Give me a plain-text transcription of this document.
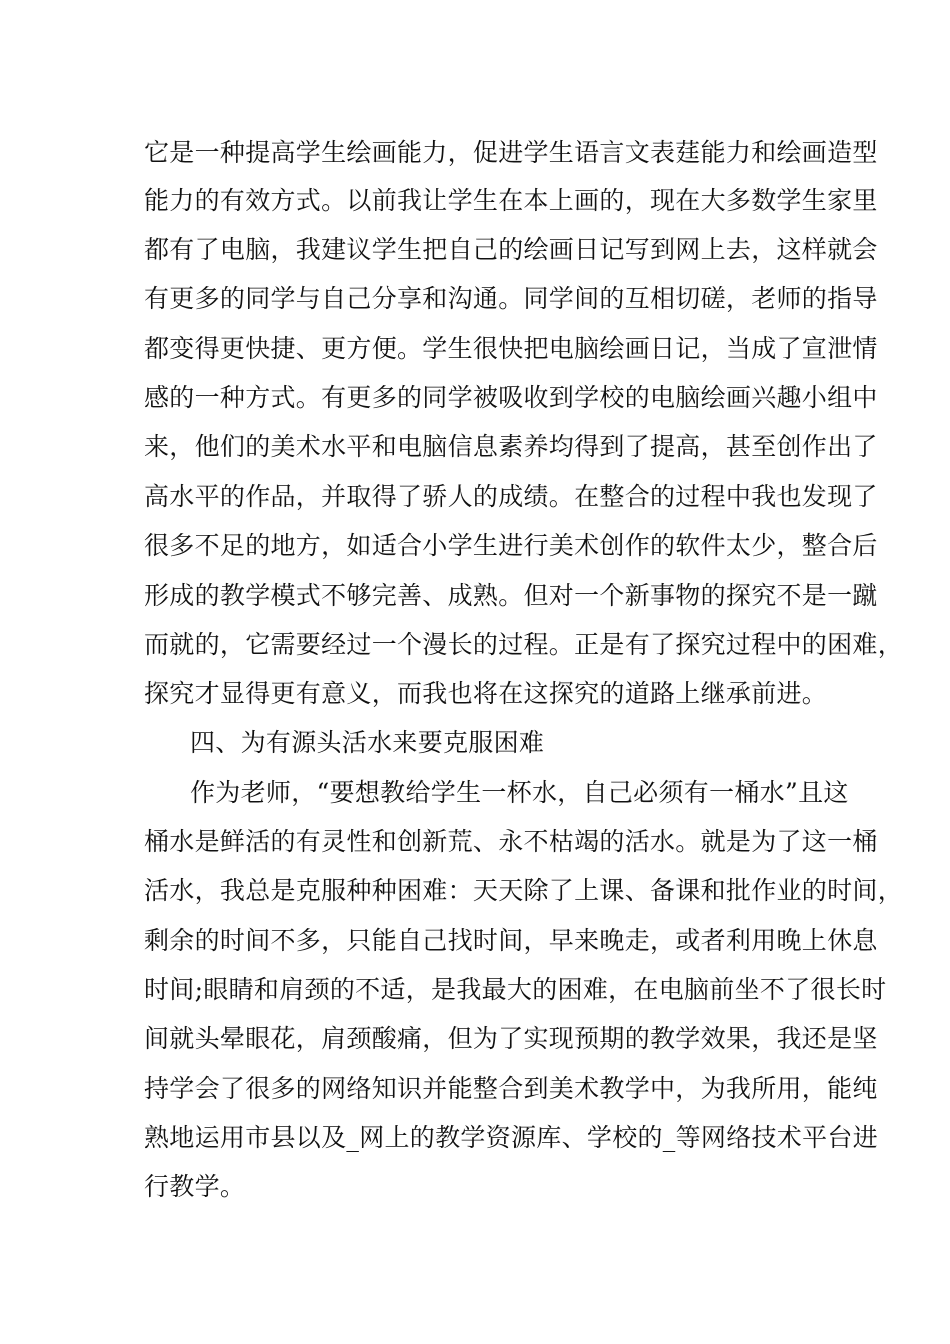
它是一种提高学生绘画能力，促进学生语言文表莛能力和绘画造型
能力的有效方式。以前我让学生在本上画的，现在大多数学生家里
都有了电脑，我建议学生把自己的绘画日记写到网上去，这样就会
有更多的同学与自己分享和沟通。同学间的互相切磋，老师的指导
都变得更快捷、更方便。学生很快把电脑绘画日记，当成了宣泄情
感的一种方式。有更多的同学被吸收到学校的电脑绘画兴趣小组中
来，他们的美术水平和电脑信息素养均得到了提高，甚至创作出了
高水平的作品，并取得了骄人的成绩。在整合的过程中我也发现了
很多不足的地方，如适合小学生进行美术创作的软件太少，整合后
形成的教学模式不够完善、成熟。但对一个新事物的探究不是一蹴
而就的，它需要经过一个漫长的过程。正是有了探究过程中的困难，
探究才显得更有意义，而我也将在这探究的道路上继承前进。
四、为有源头活水来要克服困难
作为老师，“要想教给学生一杯水，自己必须有一桶水”且这
桶水是鲜活的有灵性和创新荒、永不枯竭的活水。就是为了这一桶
活水，我总是克服种种困难：天天除了上课、备课和批作业的时间，
剩余的时间不多，只能自己找时间，早来晚走，或者利用晚上休息
时间;眼睛和肩颈的不适，是我最大的困难，在电脑前坐不了很长时
间就头晕眼花，肩颈酸痛，但为了实现预期的教学效果，我还是坚
持学会了很多的网络知识并能整合到美术教学中，为我所用，能纯
熟地运用市县以及_网上的教学资源库、学校的_等网络技术平台进
行教学。
